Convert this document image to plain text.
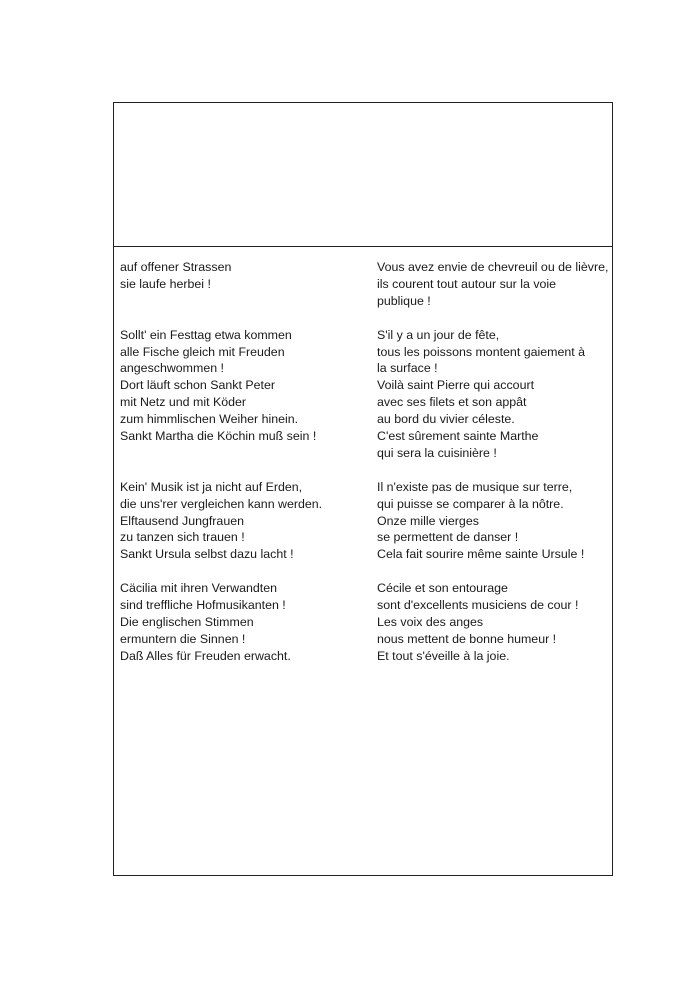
auf offener Strassen
sie laufe herbei !
Sollt' ein Festtag etwa kommen
alle Fische gleich mit Freuden
angeschwommen !
Dort läuft schon Sankt Peter
mit Netz und mit Köder
zum himmlischen Weiher hinein.
Sankt Martha die Köchin muß sein !
Kein' Musik ist ja nicht auf Erden,
die uns'rer vergleichen kann werden.
Elftausend Jungfrauen
zu tanzen sich trauen !
Sankt Ursula selbst dazu lacht !
Cäcilia mit ihren Verwandten
sind treffliche Hofmusikanten !
Die englischen Stimmen
ermuntern die Sinnen !
Daß Alles für Freuden erwacht.
Vous avez envie de chevreuil ou de lièvre,
ils courent tout autour sur la voie
publique !
S'il y a un jour de fête,
tous les poissons montent gaiement à
la surface !
Voilà saint Pierre qui accourt
avec ses filets et son appât
au bord du vivier céleste.
C'est sûrement sainte Marthe
qui sera la cuisinière !
Il n'existe pas de musique sur terre,
qui puisse se comparer à la nôtre.
Onze mille vierges
se permettent de danser !
Cela fait sourire même sainte Ursule !
Cécile et son entourage
sont d'excellents musiciens de cour !
Les voix des anges
nous mettent de bonne humeur !
Et tout s'éveille à la joie.
